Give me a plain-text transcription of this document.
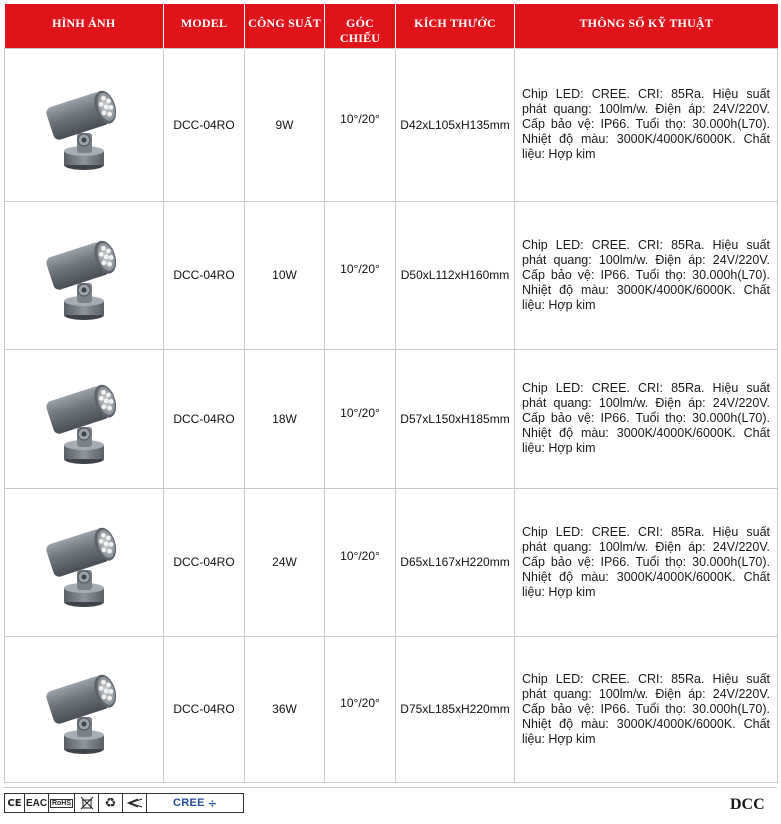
HÌNH ẢNH	MODEL	CÔNG SUẤT	GÓC CHIẾU	KÍCH THƯỚC	THÔNG SỐ KỸ THUẬT

	DCC-04RO	9W	10°/20°	D42xL105xH135mm	Chip LED: CREE. CRI: 85Ra. Hiệu suất phát quang: 100lm/w. Điện áp: 24V/220V. Cấp bảo vệ: IP66. Tuổi thọ: 30.000h(L70). Nhiệt độ màu: 3000K/4000K/6000K. Chất liệu: Hợp kim

	DCC-04RO	10W	10°/20°	D50xL112xH160mm	Chip LED: CREE. CRI: 85Ra. Hiệu suất phát quang: 100lm/w. Điện áp: 24V/220V. Cấp bảo vệ: IP66. Tuổi thọ: 30.000h(L70). Nhiệt độ màu: 3000K/4000K/6000K. Chất liệu: Hợp kim

	DCC-04RO	18W	10°/20°	D57xL150xH185mm	Chip LED: CREE. CRI: 85Ra. Hiệu suất phát quang: 100lm/w. Điện áp: 24V/220V. Cấp bảo vệ: IP66. Tuổi thọ: 30.000h(L70). Nhiệt độ màu: 3000K/4000K/6000K. Chất liệu: Hợp kim

	DCC-04RO	24W	10°/20°	D65xL167xH220mm	Chip LED: CREE. CRI: 85Ra. Hiệu suất phát quang: 100lm/w. Điện áp: 24V/220V. Cấp bảo vệ: IP66. Tuổi thọ: 30.000h(L70). Nhiệt độ màu: 3000K/4000K/6000K. Chất liệu: Hợp kim

	DCC-04RO	36W	10°/20°	D75xL185xH220mm	Chip LED: CREE. CRI: 85Ra. Hiệu suất phát quang: 100lm/w. Điện áp: 24V/220V. Cấp bảo vệ: IP66. Tuổi thọ: 30.000h(L70). Nhiệt độ màu: 3000K/4000K/6000K. Chất liệu: Hợp kim
CE EAC RoHS	♻	CREE ÷	DCC
